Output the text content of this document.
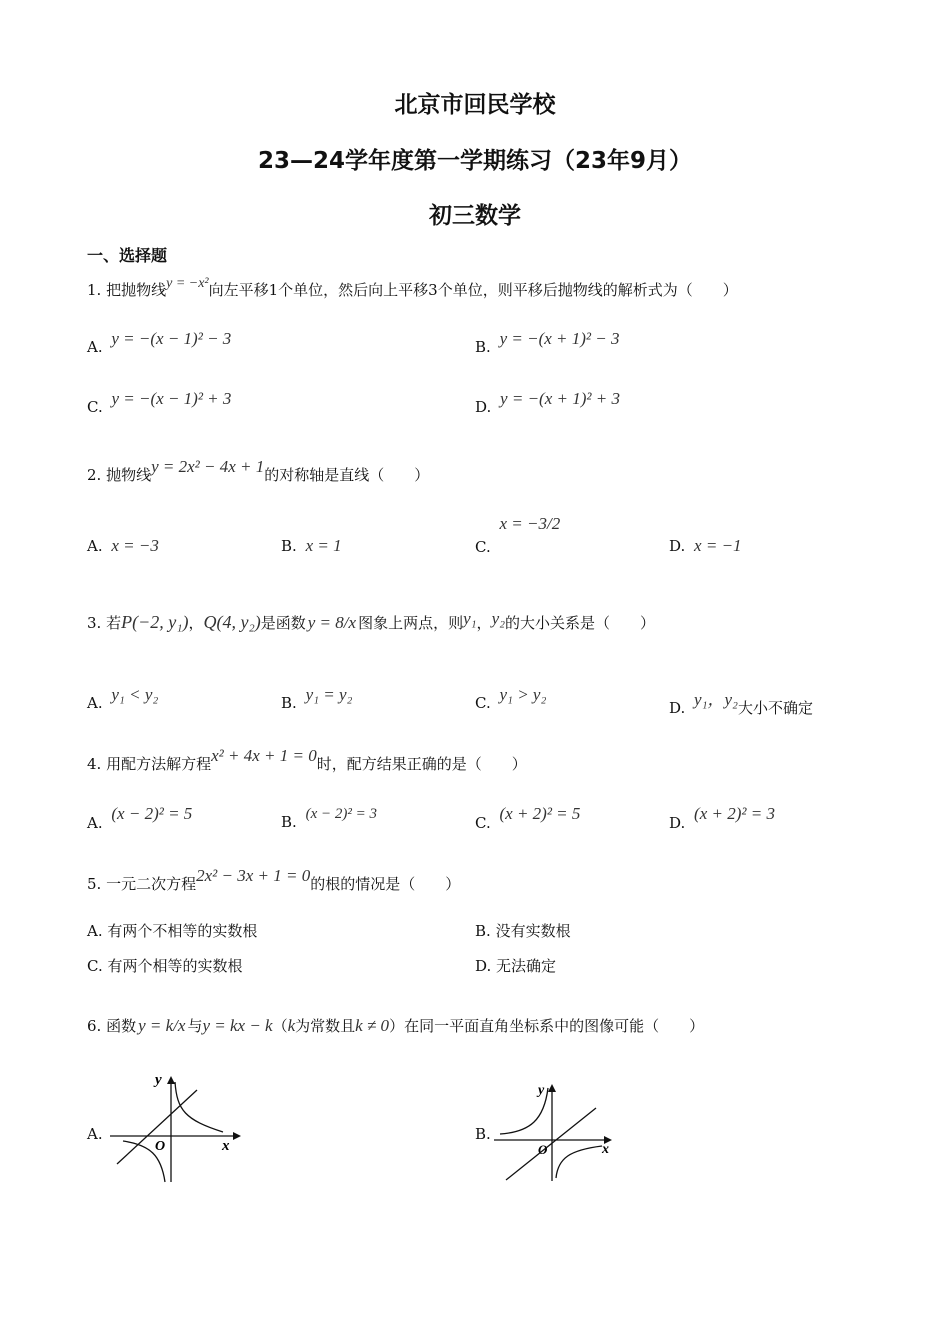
北京市回民学校
23—24学年度第一学期练习（23年9月）
初三数学
一、选择题
1. 把抛物线y = −x²向左平移1个单位，然后向上平移3个单位，则平移后抛物线的解析式为（　　）
A. y = −(x − 1)² − 3	B. y = −(x + 1)² − 3
C. y = −(x − 1)² + 3	D. y = −(x + 1)² + 3
2. 抛物线y = 2x² − 4x + 1的对称轴是直线（　　）
A. x = −3	B. x = 1	C. x = −3/2
D. x = −1
3. 若P(−2, y₁)，Q(4, y₂)是函数 y = 8/x 图象上两点，则y₁，y₂的大小关系是（　　）
A. y₁ < y₂	B. y₁ = y₂	C. y₁ > y₂
D. y₁，y₂大小不确定
4. 用配方法解方程x² + 4x + 1 = 0时，配方结果正确的是（　　）
A. (x − 2)² = 5	B. (x − 2)² = 3	C. (x + 2)² = 5	D. (x + 2)² = 3
5. 一元二次方程2x² − 3x + 1 = 0的根的情况是（　　）
A. 有两个不相等的实数根	B. 没有实数根
C. 有两个相等的实数根	D. 无法确定
6. 函数 y = k/x 与y = kx − k（k为常数且k ≠ 0）在同一平面直角坐标系中的图像可能（　　）
A.
y
x
O
B.
y
x
O
